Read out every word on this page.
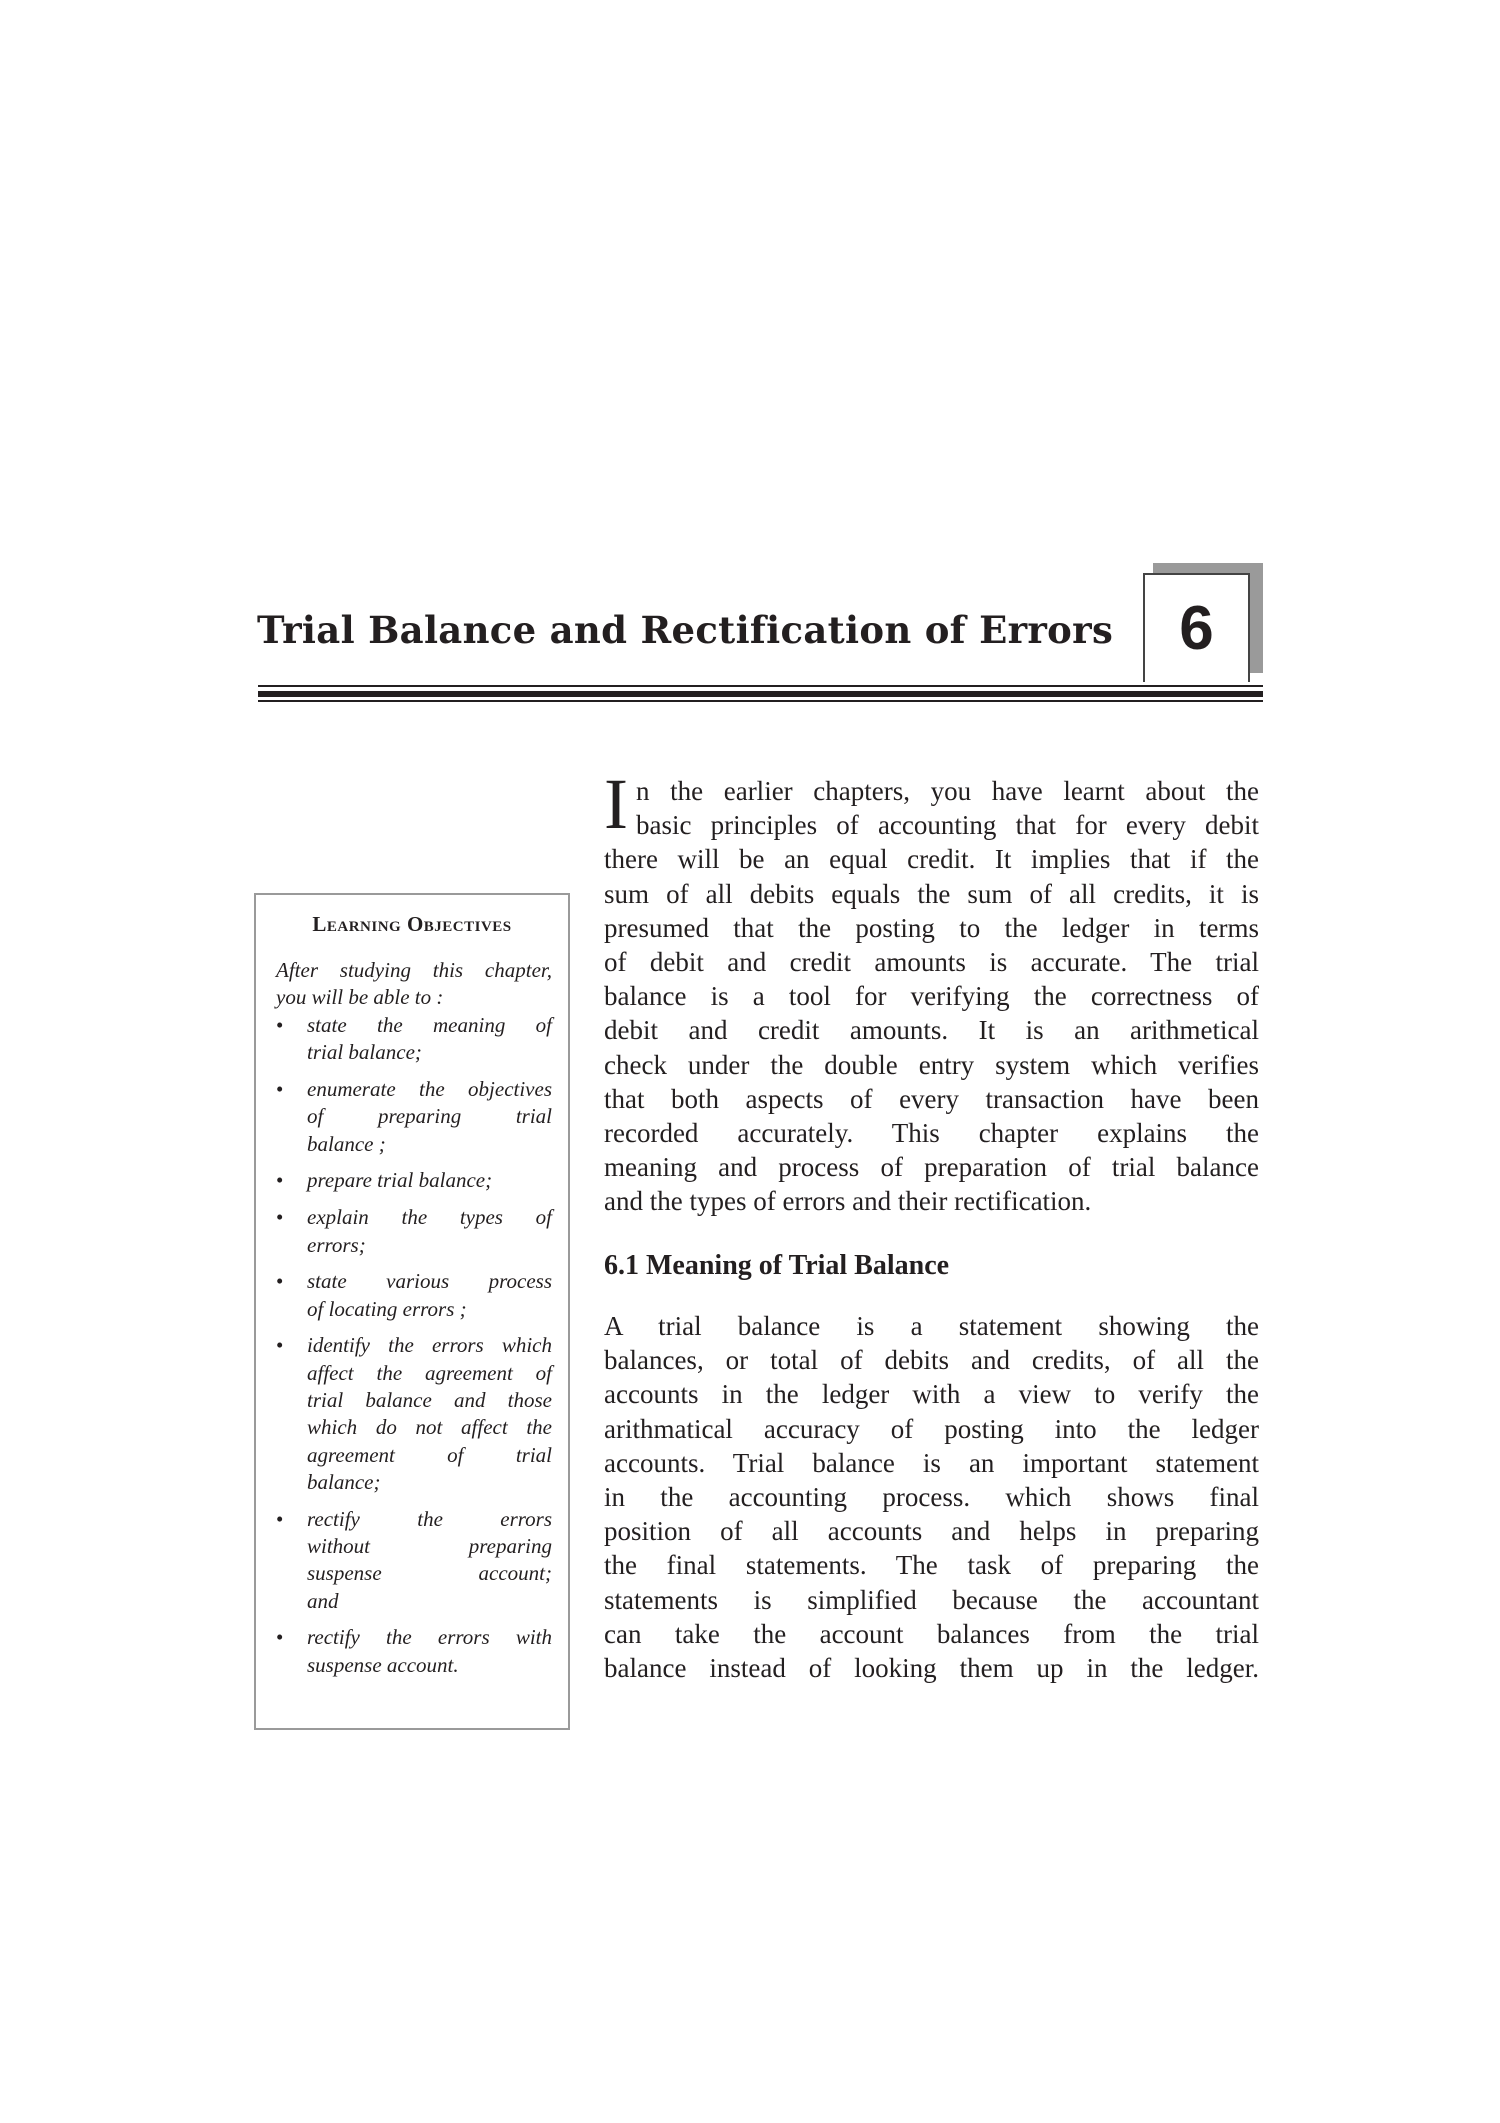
Trial Balance and Rectification of Errors 6
Learning Objectives
After studying this chapter,
you will be able to :
• state the meaning of
trial balance;
• enumerate the objectives
of preparing trial
balance ;
• prepare trial balance;
• explain the types of
errors;
• state various process
of locating errors ;
• identify the errors which
affect the agreement of
trial balance and those
which do not affect the
agreement of trial
balance;
• rectify the errors
without preparing
suspense account;
and
• rectify the errors with
suspense account.
I n the earlier chapters, you have learnt about the
basic principles of accounting that for every debit
there will be an equal credit. It implies that if the
sum of all debits equals the sum of all credits, it is
presumed that the posting to the ledger in terms
of debit and credit amounts is accurate. The trial
balance is a tool for verifying the correctness of
debit and credit amounts. It is an arithmetical
check under the double entry system which verifies
that both aspects of every transaction have been
recorded accurately. This chapter explains the
meaning and process of preparation of trial balance
and the types of errors and their rectification.
6.1 Meaning of Trial Balance
A trial balance is a statement showing the
balances, or total of debits and credits, of all the
accounts in the ledger with a view to verify the
arithmatical accuracy of posting into the ledger
accounts. Trial balance is an important statement
in the accounting process. which shows final
position of all accounts and helps in preparing
the final statements. The task of preparing the
statements is simplified because the accountant
can take the account balances from the trial
balance instead of looking them up in the ledger.
